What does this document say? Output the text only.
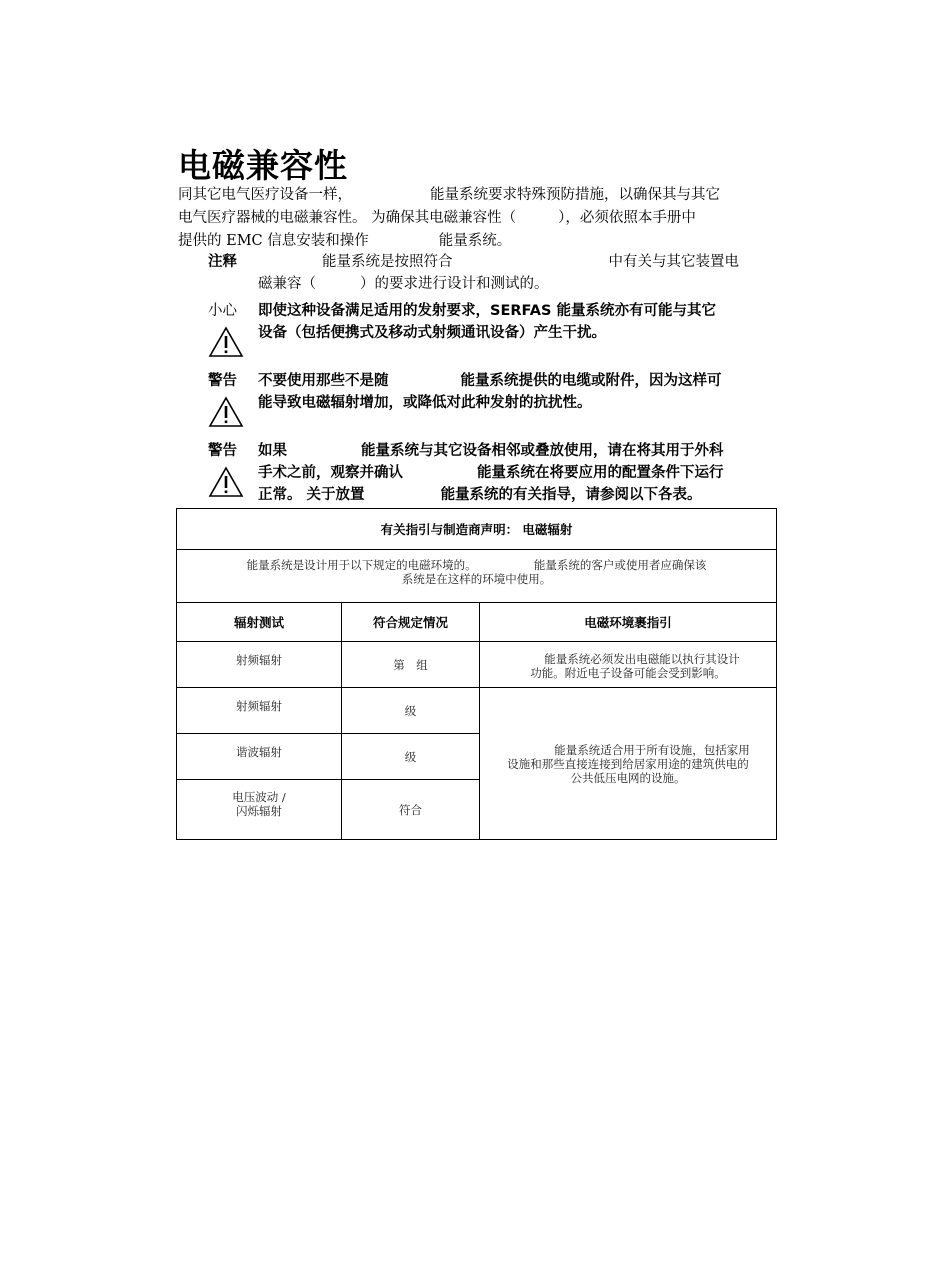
电磁兼容性
同其它电气医疗设备一样，	能量系统要求特殊预防措施，以确保其与其它
电气医疗器械的电磁兼容性。 为确保其电磁兼容性（	），必须依照本手册中
提供的 EMC 信息安装和操作	能量系统。
注释	能量系统是按照符合	中有关与其它装置电
磁兼容（	）的要求进行设计和测试的。
小心 即使这种设备满足适用的发射要求，SERFAS 能量系统亦有可能与其它
设备（包括便携式及移动式射频通讯设备）产生干扰。
警告 不要使用那些不是随	能量系统提供的电缆或附件，因为这样可
能导致电磁辐射增加，或降低对此种发射的抗扰性。
警告 如果	能量系统与其它设备相邻或叠放使用，请在将其用于外科
手术之前，观察并确认	能量系统在将要应用的配置条件下运行
正常。 关于放置	能量系统的有关指导，请参阅以下各表。
有关指引与制造商声明： 电磁辐射		

能量系统是设计用于以下规定的电磁环境的。 能量系统的客户或使用者应确保该
系统是在这样的环境中使用。		

辐射测试	符合规定情况	电磁环境裹指引
射频辐射	第　组	能量系统必须发出电磁能以执行其设计
功能。附近电子设备可能会受到影响。

射频辐射	级	能量系统适合用于所有设施，包括家用
设施和那些直接连接到给居家用途的建筑供电的
公共低压电网的设施。

谐波辐射	级	

电压波动 /
闪烁辐射	符合	
